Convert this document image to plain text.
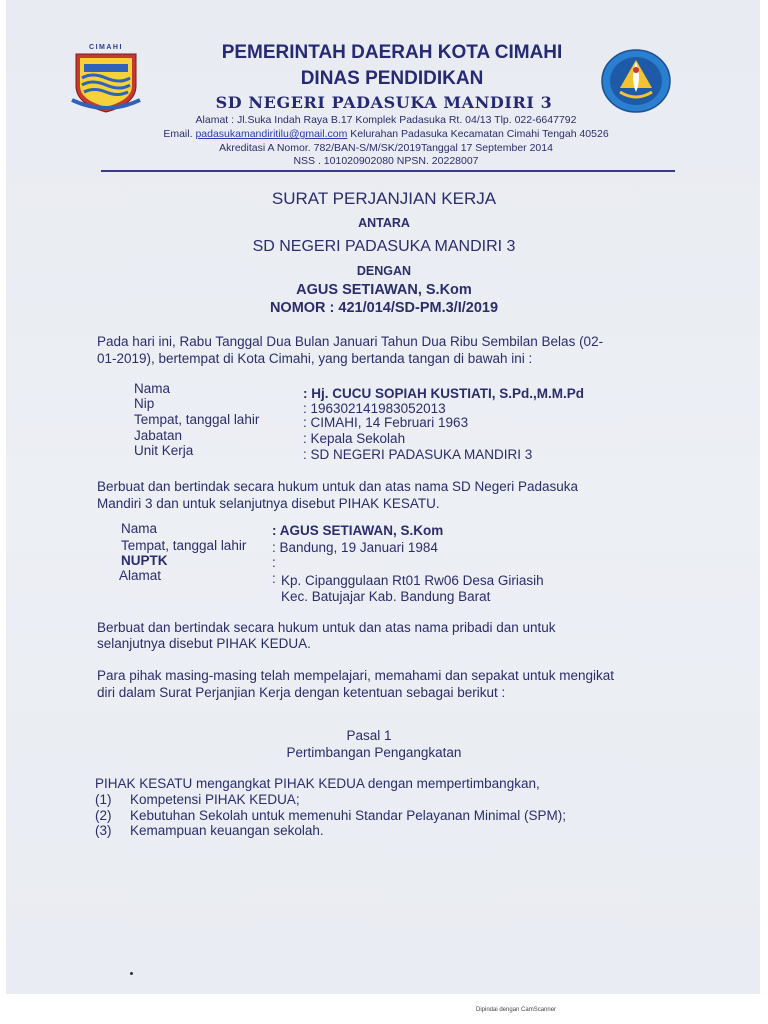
CIMAHI	PEMERINTAH DAERAH KOTA CIMAHI
DINAS PENDIDIKAN
SD NEGERI PADASUKA MANDIRI 3
Alamat : Jl.Suka Indah Raya B.17 Komplek Padasuka Rt. 04/13 Tlp. 022-6647792
Email. padasukamandiritilu@gmail.com Kelurahan Padasuka Kecamatan Cimahi Tengah 40526
Akreditasi A Nomor. 782/BAN-S/M/SK/2019Tanggal 17 September 2014
NSS . 101020902080 NPSN. 20228007
SURAT PERJANJIAN KERJA
ANTARA
SD NEGERI PADASUKA MANDIRI 3
DENGAN
AGUS SETIAWAN, S.Kom
NOMOR : 421/014/SD-PM.3/I/2019
Pada hari ini, Rabu Tanggal Dua Bulan Januari Tahun Dua Ribu Sembilan Belas (02-
01-2019), bertempat di Kota Cimahi, yang bertanda tangan di bawah ini :
Nama	: Hj. CUCU SOPIAH KUSTIATI, S.Pd.,M.M.Pd
Nip	: 196302141983052013
Tempat, tanggal lahir	: CIMAHI, 14 Februari 1963
Jabatan	: Kepala Sekolah
Unit Kerja	: SD NEGERI PADASUKA MANDIRI 3
Berbuat dan bertindak secara hukum untuk dan atas nama SD Negeri Padasuka
Mandiri 3 dan untuk selanjutnya disebut PIHAK KESATU.
Nama	: AGUS SETIAWAN, S.Kom
Tempat, tanggal lahir : Bandung, 19 Januari 1984
NUPTK	:
Alamat	: Kp. Cipanggulaan Rt01 Rw06 Desa Giriasih
Kec. Batujajar Kab. Bandung Barat
Berbuat dan bertindak secara hukum untuk dan atas nama pribadi dan untuk
selanjutnya disebut PIHAK KEDUA.
Para pihak masing-masing telah mempelajari, memahami dan sepakat untuk mengikat
diri dalam Surat Perjanjian Kerja dengan ketentuan sebagai berikut :
Pasal 1
Pertimbangan Pengangkatan
PIHAK KESATU mengangkat PIHAK KEDUA dengan mempertimbangkan,
(1) Kompetensi PIHAK KEDUA;
(2) Kebutuhan Sekolah untuk memenuhi Standar Pelayanan Minimal (SPM);
(3) Kemampuan keuangan sekolah.
Dipindai dengan CamScanner
